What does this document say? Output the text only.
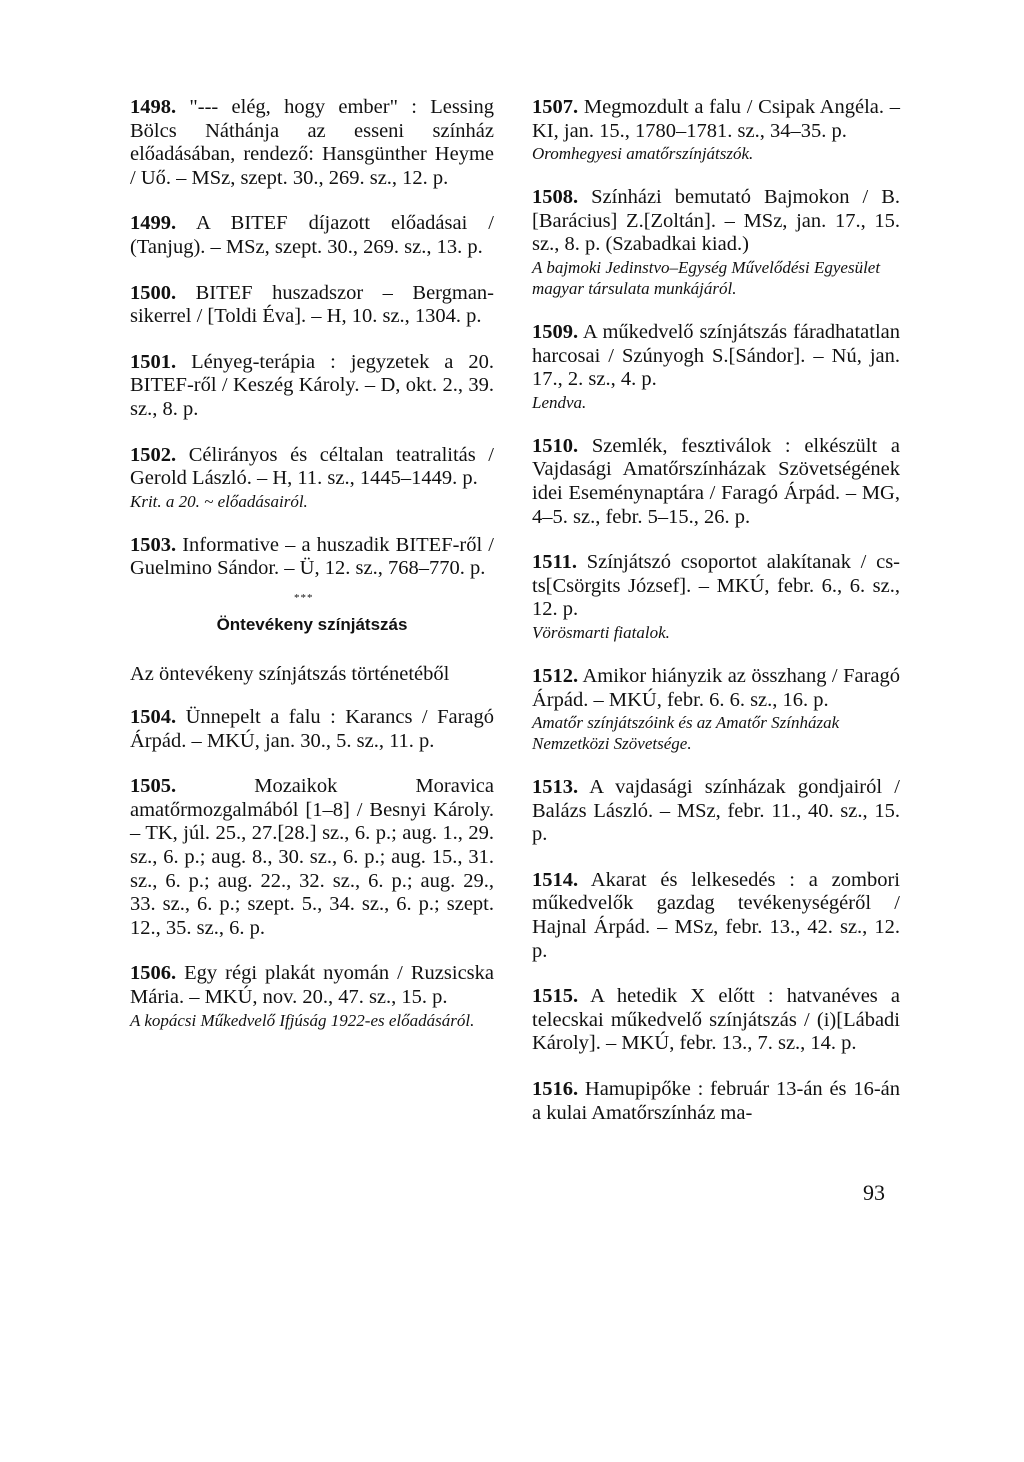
1498. "--- elég, hogy ember" : Lessing Bölcs Náthánja az esseni színház előadásában, rendező: Hansgünther Heyme / Uő. – MSz, szept. 30., 269. sz., 12. p.
1499. A BITEF díjazott előadásai / (Tanjug). – MSz, szept. 30., 269. sz., 13. p.
1500. BITEF huszadszor – Bergman-sikerrel / [Toldi Éva]. – H, 10. sz., 1304. p.
1501. Lényeg-terápia : jegyzetek a 20. BITEF-ről / Keszég Károly. – D, okt. 2., 39. sz., 8. p.
1502. Célirányos és céltalan teatralitás / Gerold László. – H, 11. sz., 1445–1449. p.
Krit. a 20. ~ előadásairól.
1503. Informative – a huszadik BITEF-ről / Guelmino Sándor. – Ü, 12. sz., 768–770. p.
Öntevékeny színjátszás
Az öntevékeny színjátszás történetéből
1504. Ünnepelt a falu : Karancs / Faragó Árpád. – MKÚ, jan. 30., 5. sz., 11. p.
1505. Mozaikok Moravica amatőrmozgalmából [1–8] / Besnyi Károly. – TK, júl. 25., 27.[28.] sz., 6. p.; aug. 1., 29. sz., 6. p.; aug. 8., 30. sz., 6. p.; aug. 15., 31. sz., 6. p.; aug. 22., 32. sz., 6. p.; aug. 29., 33. sz., 6. p.; szept. 5., 34. sz., 6. p.; szept. 12., 35. sz., 6. p.
1506. Egy régi plakát nyomán / Ruzsicska Mária. – MKÚ, nov. 20., 47. sz., 15. p.
A kopácsi Műkedvelő Ifjúság 1922-es előadásáról.
1507. Megmozdult a falu / Csipak Angéla. – KI, jan. 15., 1780–1781. sz., 34–35. p.
Oromhegyesi amatőrszínjátszók.
1508. Színházi bemutató Bajmokon / B.[Barácius] Z.[Zoltán]. – MSz, jan. 17., 15. sz., 8. p. (Szabadkai kiad.)
A bajmoki Jedinstvo–Egység Művelődési Egyesület magyar társulata munkájáról.
1509. A műkedvelő színjátszás fáradhatatlan harcosai / Szúnyogh S.[Sándor]. – Nú, jan. 17., 2. sz., 4. p.
Lendva.
1510. Szemlék, fesztiválok : elkészült a Vajdasági Amatőrszínházak Szövetségének idei Eseménynaptára / Faragó Árpád. – MG, 4–5. sz., febr. 5–15., 26. p.
1511. Színjátszó csoportot alakítanak / cs-ts[Csörgits József]. – MKÚ, febr. 6., 6. sz., 12. p.
Vörösmarti fiatalok.
1512. Amikor hiányzik az összhang / Faragó Árpád. – MKÚ, febr. 6. 6. sz., 16. p.
Amatőr színjátszóink és az Amatőr Színházak Nemzetközi Szövetsége.
1513. A vajdasági színházak gondjairól / Balázs László. – MSz, febr. 11., 40. sz., 15. p.
1514. Akarat és lelkesedés : a zombori műkedvelők gazdag tevékenységéről / Hajnal Árpád. – MSz, febr. 13., 42. sz., 12. p.
1515. A hetedik X előtt : hatvanéves a telecskai műkedvelő színjátszás / (i)[Lábadi Károly]. – MKÚ, febr. 13., 7. sz., 14. p.
1516. Hamupipőke : február 13-án és 16-án a kulai Amatőrszínház ma-
***
93
